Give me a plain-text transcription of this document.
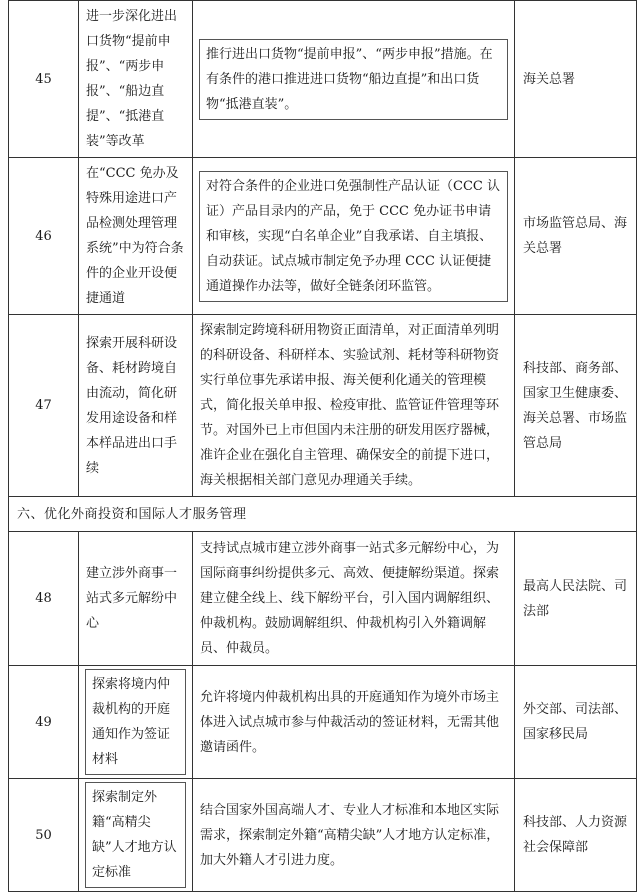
45	进一步深化进出口货物“提前申报”、“两步申报”、“船边直提”、“抵港直装”等改革	推行进出口货物“提前申报”、“两步申报”措施。在有条件的港口推进进口货物“船边直提”和出口货物“抵港直装”。	海关总署

46	在“CCC 免办及特殊用途进口产品检测处理管理系统”中为符合条件的企业开设便捷通道	对符合条件的企业进口免强制性产品认证（CCC 认证）产品目录内的产品，免于 CCC 免办证书申请和审核，实现“白名单企业”自我承诺、自主填报、自动获证。试点城市制定免予办理 CCC 认证便捷通道操作办法等，做好全链条闭环监管。	市场监管总局、海关总署

47	探索开展科研设备、耗材跨境自由流动，简化研发用途设备和样本样品进出口手续	探索制定跨境科研用物资正面清单，对正面清单列明的科研设备、科研样本、实验试剂、耗材等科研物资实行单位事先承诺申报、海关便利化通关的管理模式，简化报关单申报、检疫审批、监管证件管理等环节。对国外已上市但国内未注册的研发用医疗器械，准许企业在强化自主管理、确保安全的前提下进口，海关根据相关部门意见办理通关手续。	科技部、商务部、国家卫生健康委、海关总署、市场监管总局

六、优化外商投资和国际人才服务管理			

48	建立涉外商事一站式多元解纷中心	支持试点城市建立涉外商事一站式多元解纷中心，为国际商事纠纷提供多元、高效、便捷解纷渠道。探索建立健全线上、线下解纷平台，引入国内调解组织、仲裁机构。鼓励调解组织、仲裁机构引入外籍调解员、仲裁员。	最高人民法院、司法部

49	探索将境内仲裁机构的开庭通知作为签证材料	允许将境内仲裁机构出具的开庭通知作为境外市场主体进入试点城市参与仲裁活动的签证材料，无需其他邀请函件。	外交部、司法部、国家移民局

50	探索制定外籍“高精尖缺”人才地方认定标准	结合国家外国高端人才、专业人才标准和本地区实际需求，探索制定外籍“高精尖缺”人才地方认定标准，加大外籍人才引进力度。	科技部、人力资源社会保障部
